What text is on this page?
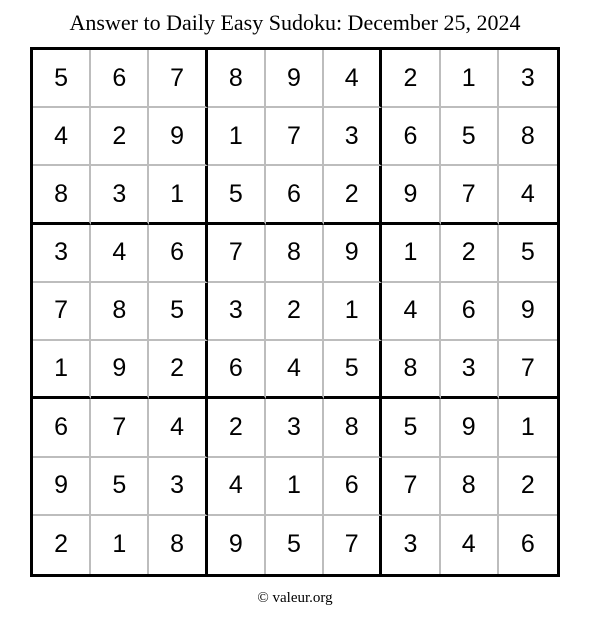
Answer to Daily Easy Sudoku: December 25, 2024
5	6	7	8	9	4	2	1	3
4	2	9	1	7	3	6	5	8
8	3	1	5	6	2	9	7	4
3	4	6	7	8	9	1	2	5
7	8	5	3	2	1	4	6	9
1	9	2	6	4	5	8	3	7
6	7	4	2	3	8	5	9	1
9	5	3	4	1	6	7	8	2
2	1	8	9	5	7	3	4	6
© valeur.org
